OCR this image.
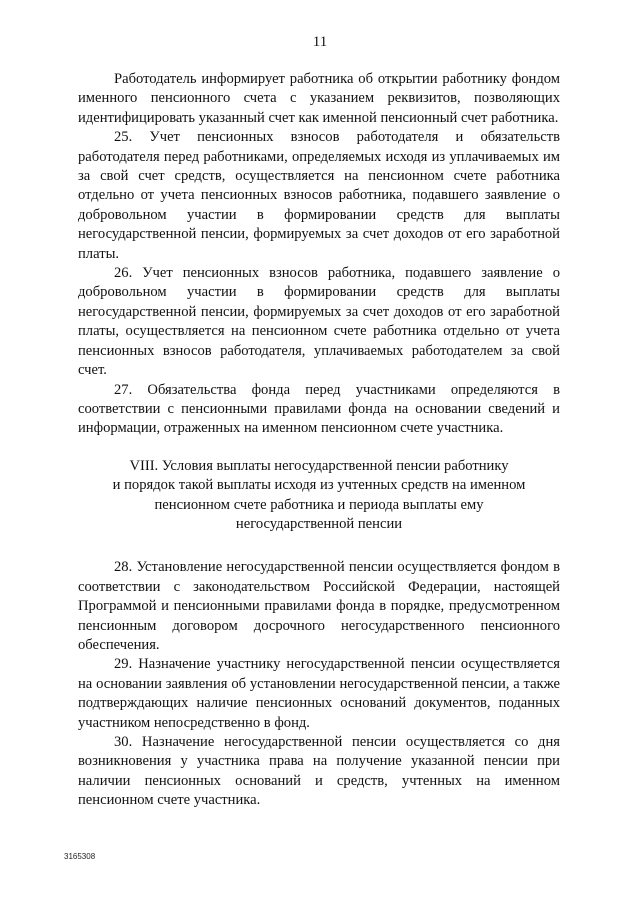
11

Работодатель информирует работника об открытии работнику фондом именного пенсионного счета с указанием реквизитов, позволяющих идентифицировать указанный счет как именной пенсионный счет работника.

25. Учет пенсионных взносов работодателя и обязательств работодателя перед работниками, определяемых исходя из уплачиваемых им за свой счет средств, осуществляется на пенсионном счете работника отдельно от учета пенсионных взносов работника, подавшего заявление о добровольном участии в формировании средств для выплаты негосударственной пенсии, формируемых за счет доходов от его заработной платы.

26. Учет пенсионных взносов работника, подавшего заявление о добровольном участии в формировании средств для выплаты негосударственной пенсии, формируемых за счет доходов от его заработной платы, осуществляется на пенсионном счете работника отдельно от учета пенсионных взносов работодателя, уплачиваемых работодателем за свой счет.

27. Обязательства фонда перед участниками определяются в соответствии с пенсионными правилами фонда на основании сведений и информации, отраженных на именном пенсионном счете участника.

VIII. Условия выплаты негосударственной пенсии работнику
и порядок такой выплаты исходя из учтенных средств на именном
пенсионном счете работника и периода выплаты ему
негосударственной пенсии

28. Установление негосударственной пенсии осуществляется фондом в соответствии с законодательством Российской Федерации, настоящей Программой и пенсионными правилами фонда в порядке, предусмотренном пенсионным договором досрочного негосударственного пенсионного обеспечения.

29. Назначение участнику негосударственной пенсии осуществляется на основании заявления об установлении негосударственной пенсии, а также подтверждающих наличие пенсионных оснований документов, поданных участником непосредственно в фонд.

30. Назначение негосударственной пенсии осуществляется со дня возникновения у участника права на получение указанной пенсии при наличии пенсионных оснований и средств, учтенных на именном пенсионном счете участника.

3165308
